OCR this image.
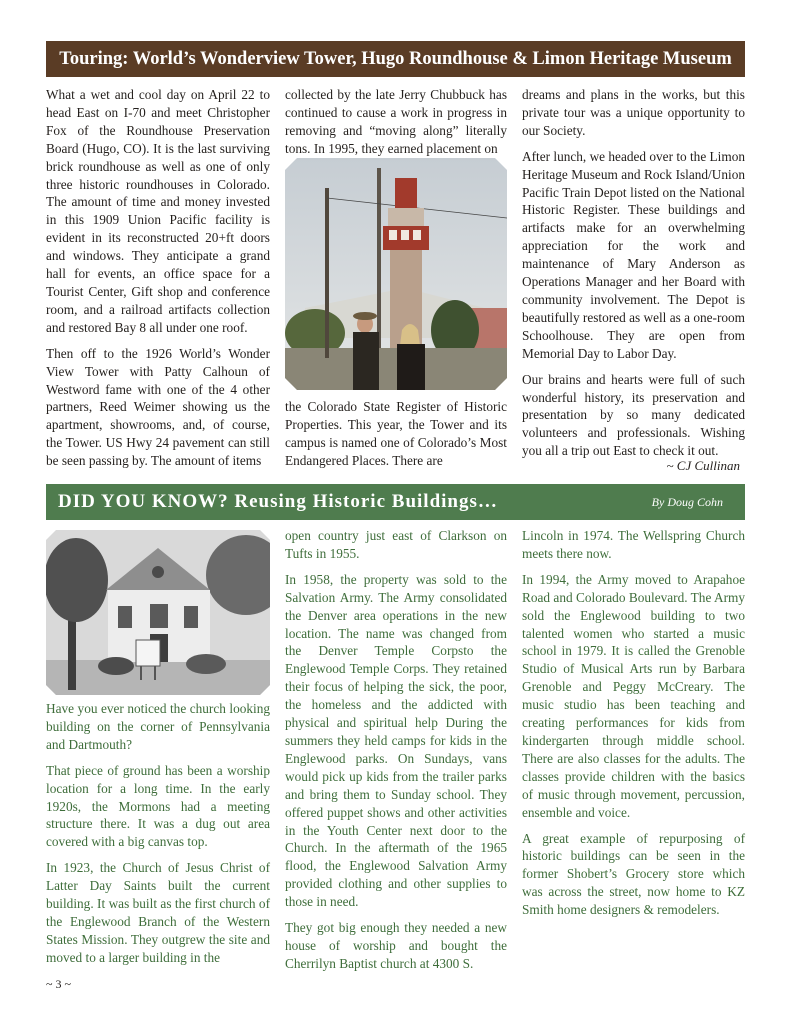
Touring: World’s Wonderview Tower, Hugo Roundhouse & Limon Heritage Museum

What a wet and cool day on April 22 to head East on I-70 and meet Christopher Fox of the Roundhouse Preservation Board (Hugo, CO). It is the last surviving brick roundhouse as well as one of only three historic roundhouses in Colorado. The amount of time and money invested in this 1909 Union Pacific facility is evident in its reconstructed 20+ft doors and windows. They anticipate a grand hall for events, an office space for a Tourist Center, Gift shop and conference room, and a railroad artifacts collection and restored Bay 8 all under one roof.

Then off to the 1926 World’s Wonder View Tower with Patty Calhoun of Westword fame with one of the 4 other partners, Reed Weimer showing us the apartment, showrooms, and, of course, the Tower. US Hwy 24 pavement can still be seen passing by. The amount of items

collected by the late Jerry Chubbuck has continued to cause a work in progress in removing and “moving along” literally tons. In 1995, they earned placement on

the Colorado State Register of Historic Properties. This year, the Tower and its campus is named one of Colorado’s Most Endangered Places. There are

dreams and plans in the works, but this private tour was a unique opportunity to our Society.

After lunch, we headed over to the Limon Heritage Museum and Rock Island/Union Pacific Train Depot listed on the National Historic Register. These buildings and artifacts make for an overwhelming appreciation for the work and maintenance of Mary Anderson as Operations Manager and her Board with community involvement. The Depot is beautifully restored as well as a one-room Schoolhouse. They are open from Memorial Day to Labor Day.

Our brains and hearts were full of such wonderful history, its preservation and presentation by so many dedicated volunteers and professionals. Wishing you all a trip out East to check it out.

~ CJ Cullinan
DID YOU KNOW? Reusing Historic Buildings…	By Doug Cohn

Have you ever noticed the church looking building on the corner of Pennsylvania and Dartmouth?

That piece of ground has been a worship location for a long time. In the early 1920s, the Mormons had a meeting structure there. It was a dug out area covered with a big canvas top.

In 1923, the Church of Jesus Christ of Latter Day Saints built the current building. It was built as the first church of the Englewood Branch of the Western States Mission. They outgrew the site and moved to a larger building in the

open country just east of Clarkson on Tufts in 1955.

In 1958, the property was sold to the Salvation Army. The Army consolidated the Denver area operations in the new location. The name was changed from the Denver Temple Corpsto the Englewood Temple Corps. They retained their focus of helping the sick, the poor, the homeless and the addicted with physical and spiritual help During the summers they held camps for kids in the Englewood parks. On Sundays, vans would pick up kids from the trailer parks and bring them to Sunday school. They offered puppet shows and other activities in the Youth Center next door to the Church. In the aftermath of the 1965 flood, the Englewood Salvation Army provided clothing and other supplies to those in need.

They got big enough they needed a new house of worship and bought the Cherrilyn Baptist church at 4300 S.

Lincoln in 1974. The Wellspring Church meets there now.

In 1994, the Army moved to Arapahoe Road and Colorado Boulevard. The Army sold the Englewood building to two talented women who started a music school in 1979. It is called the Grenoble Studio of Musical Arts run by Barbara Grenoble and Peggy McCreary. The music studio has been teaching and creating performances for kids from kindergarten through middle school. There are also classes for the adults. The classes provide children with the basics of music through movement, percussion, ensemble and voice.

A great example of repurposing of historic buildings can be seen in the former Shobert’s Grocery store which was across the street, now home to KZ Smith home designers & remodelers.

~ 3 ~
